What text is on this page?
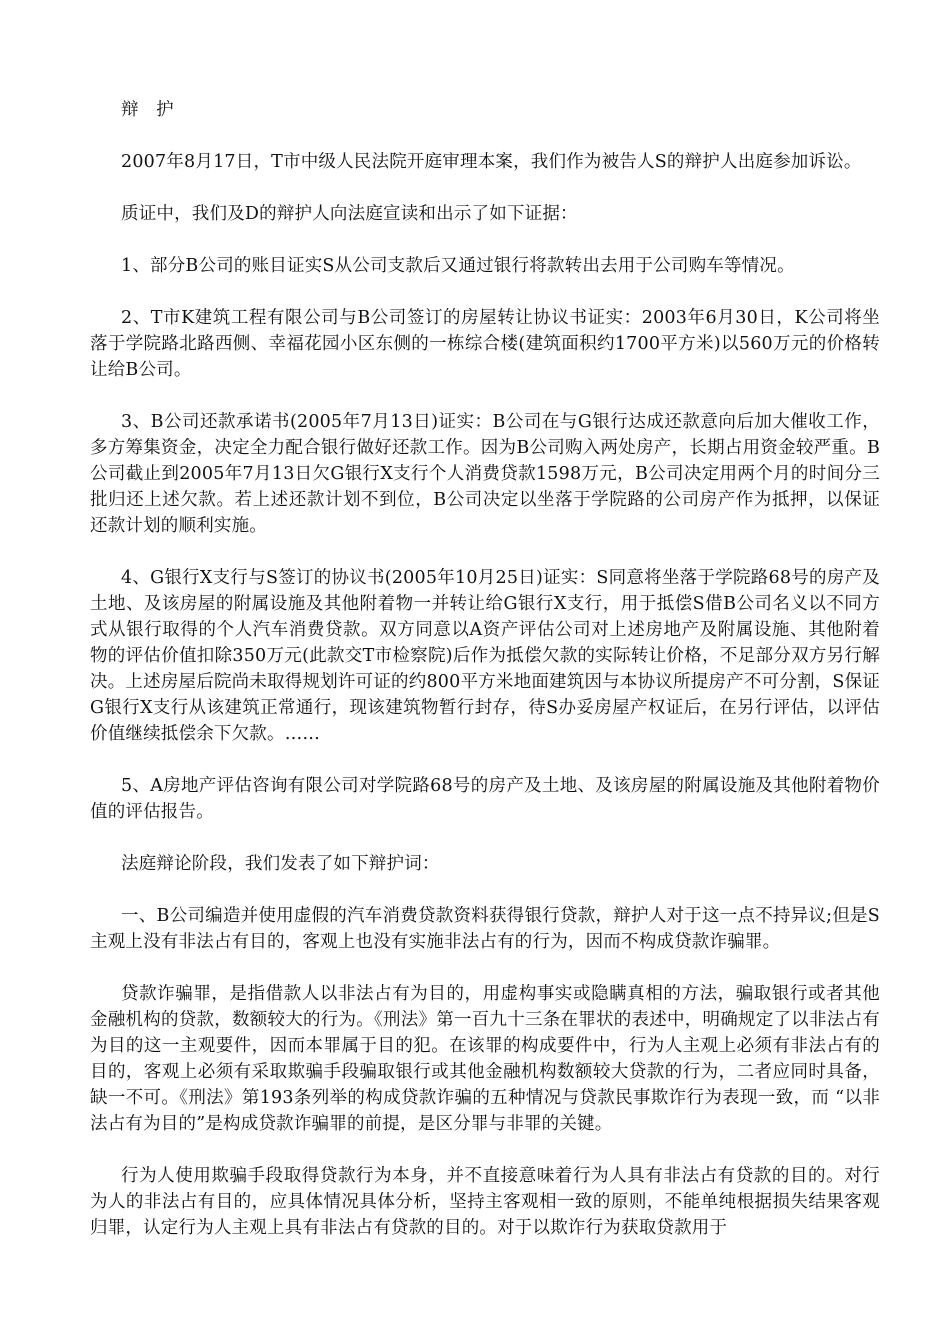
辩 护

2007年8月17日，T市中级人民法院开庭审理本案，我们作为被告人S的辩护人出庭参加诉讼。

质证中，我们及D的辩护人向法庭宣读和出示了如下证据：

1、部分B公司的账目证实S从公司支款后又通过银行将款转出去用于公司购车等情况。

2、T市K建筑工程有限公司与B公司签订的房屋转让协议书证实：2003年6月30日，K公司将坐落于学院路北路西侧、幸福花园小区东侧的一栋综合楼(建筑面积约1700平方米)以560万元的价格转让给B公司。

3、B公司还款承诺书(2005年7月13日)证实：B公司在与G银行达成还款意向后加大催收工作，多方筹集资金，决定全力配合银行做好还款工作。因为B公司购入两处房产，长期占用资金较严重。B公司截止到2005年7月13日欠G银行X支行个人消费贷款1598万元，B公司决定用两个月的时间分三批归还上述欠款。若上述还款计划不到位，B公司决定以坐落于学院路的公司房产作为抵押，以保证还款计划的顺利实施。

4、G银行X支行与S签订的协议书(2005年10月25日)证实：S同意将坐落于学院路68号的房产及土地、及该房屋的附属设施及其他附着物一并转让给G银行X支行，用于抵偿S借B公司名义以不同方式从银行取得的个人汽车消费贷款。双方同意以A资产评估公司对上述房地产及附属设施、其他附着物的评估价值扣除350万元(此款交T市检察院)后作为抵偿欠款的实际转让价格，不足部分双方另行解决。上述房屋后院尚未取得规划许可证的约800平方米地面建筑因与本协议所提房产不可分割，S保证G银行X支行从该建筑正常通行，现该建筑物暂行封存，待S办妥房屋产权证后，在另行评估，以评估价值继续抵偿余下欠款。……

5、A房地产评估咨询有限公司对学院路68号的房产及土地、及该房屋的附属设施及其他附着物价值的评估报告。

法庭辩论阶段，我们发表了如下辩护词：

一、B公司编造并使用虚假的汽车消费贷款资料获得银行贷款，辩护人对于这一点不持异议;但是S主观上没有非法占有目的，客观上也没有实施非法占有的行为，因而不构成贷款诈骗罪。

贷款诈骗罪，是指借款人以非法占有为目的，用虚构事实或隐瞒真相的方法，骗取银行或者其他金融机构的贷款，数额较大的行为。《刑法》第一百九十三条在罪状的表述中，明确规定了以非法占有为目的这一主观要件，因而本罪属于目的犯。在该罪的构成要件中，行为人主观上必须有非法占有的目的，客观上必须有采取欺骗手段骗取银行或其他金融机构数额较大贷款的行为，二者应同时具备，缺一不可。《刑法》第193条列举的构成贷款诈骗的五种情况与贷款民事欺诈行为表现一致，而 “以非法占有为目的”是构成贷款诈骗罪的前提，是区分罪与非罪的关键。

行为人使用欺骗手段取得贷款行为本身，并不直接意味着行为人具有非法占有贷款的目的。对行为人的非法占有目的，应具体情况具体分析，坚持主客观相一致的原则，不能单纯根据损失结果客观归罪，认定行为人主观上具有非法占有贷款的目的。对于以欺诈行为获取贷款用于
